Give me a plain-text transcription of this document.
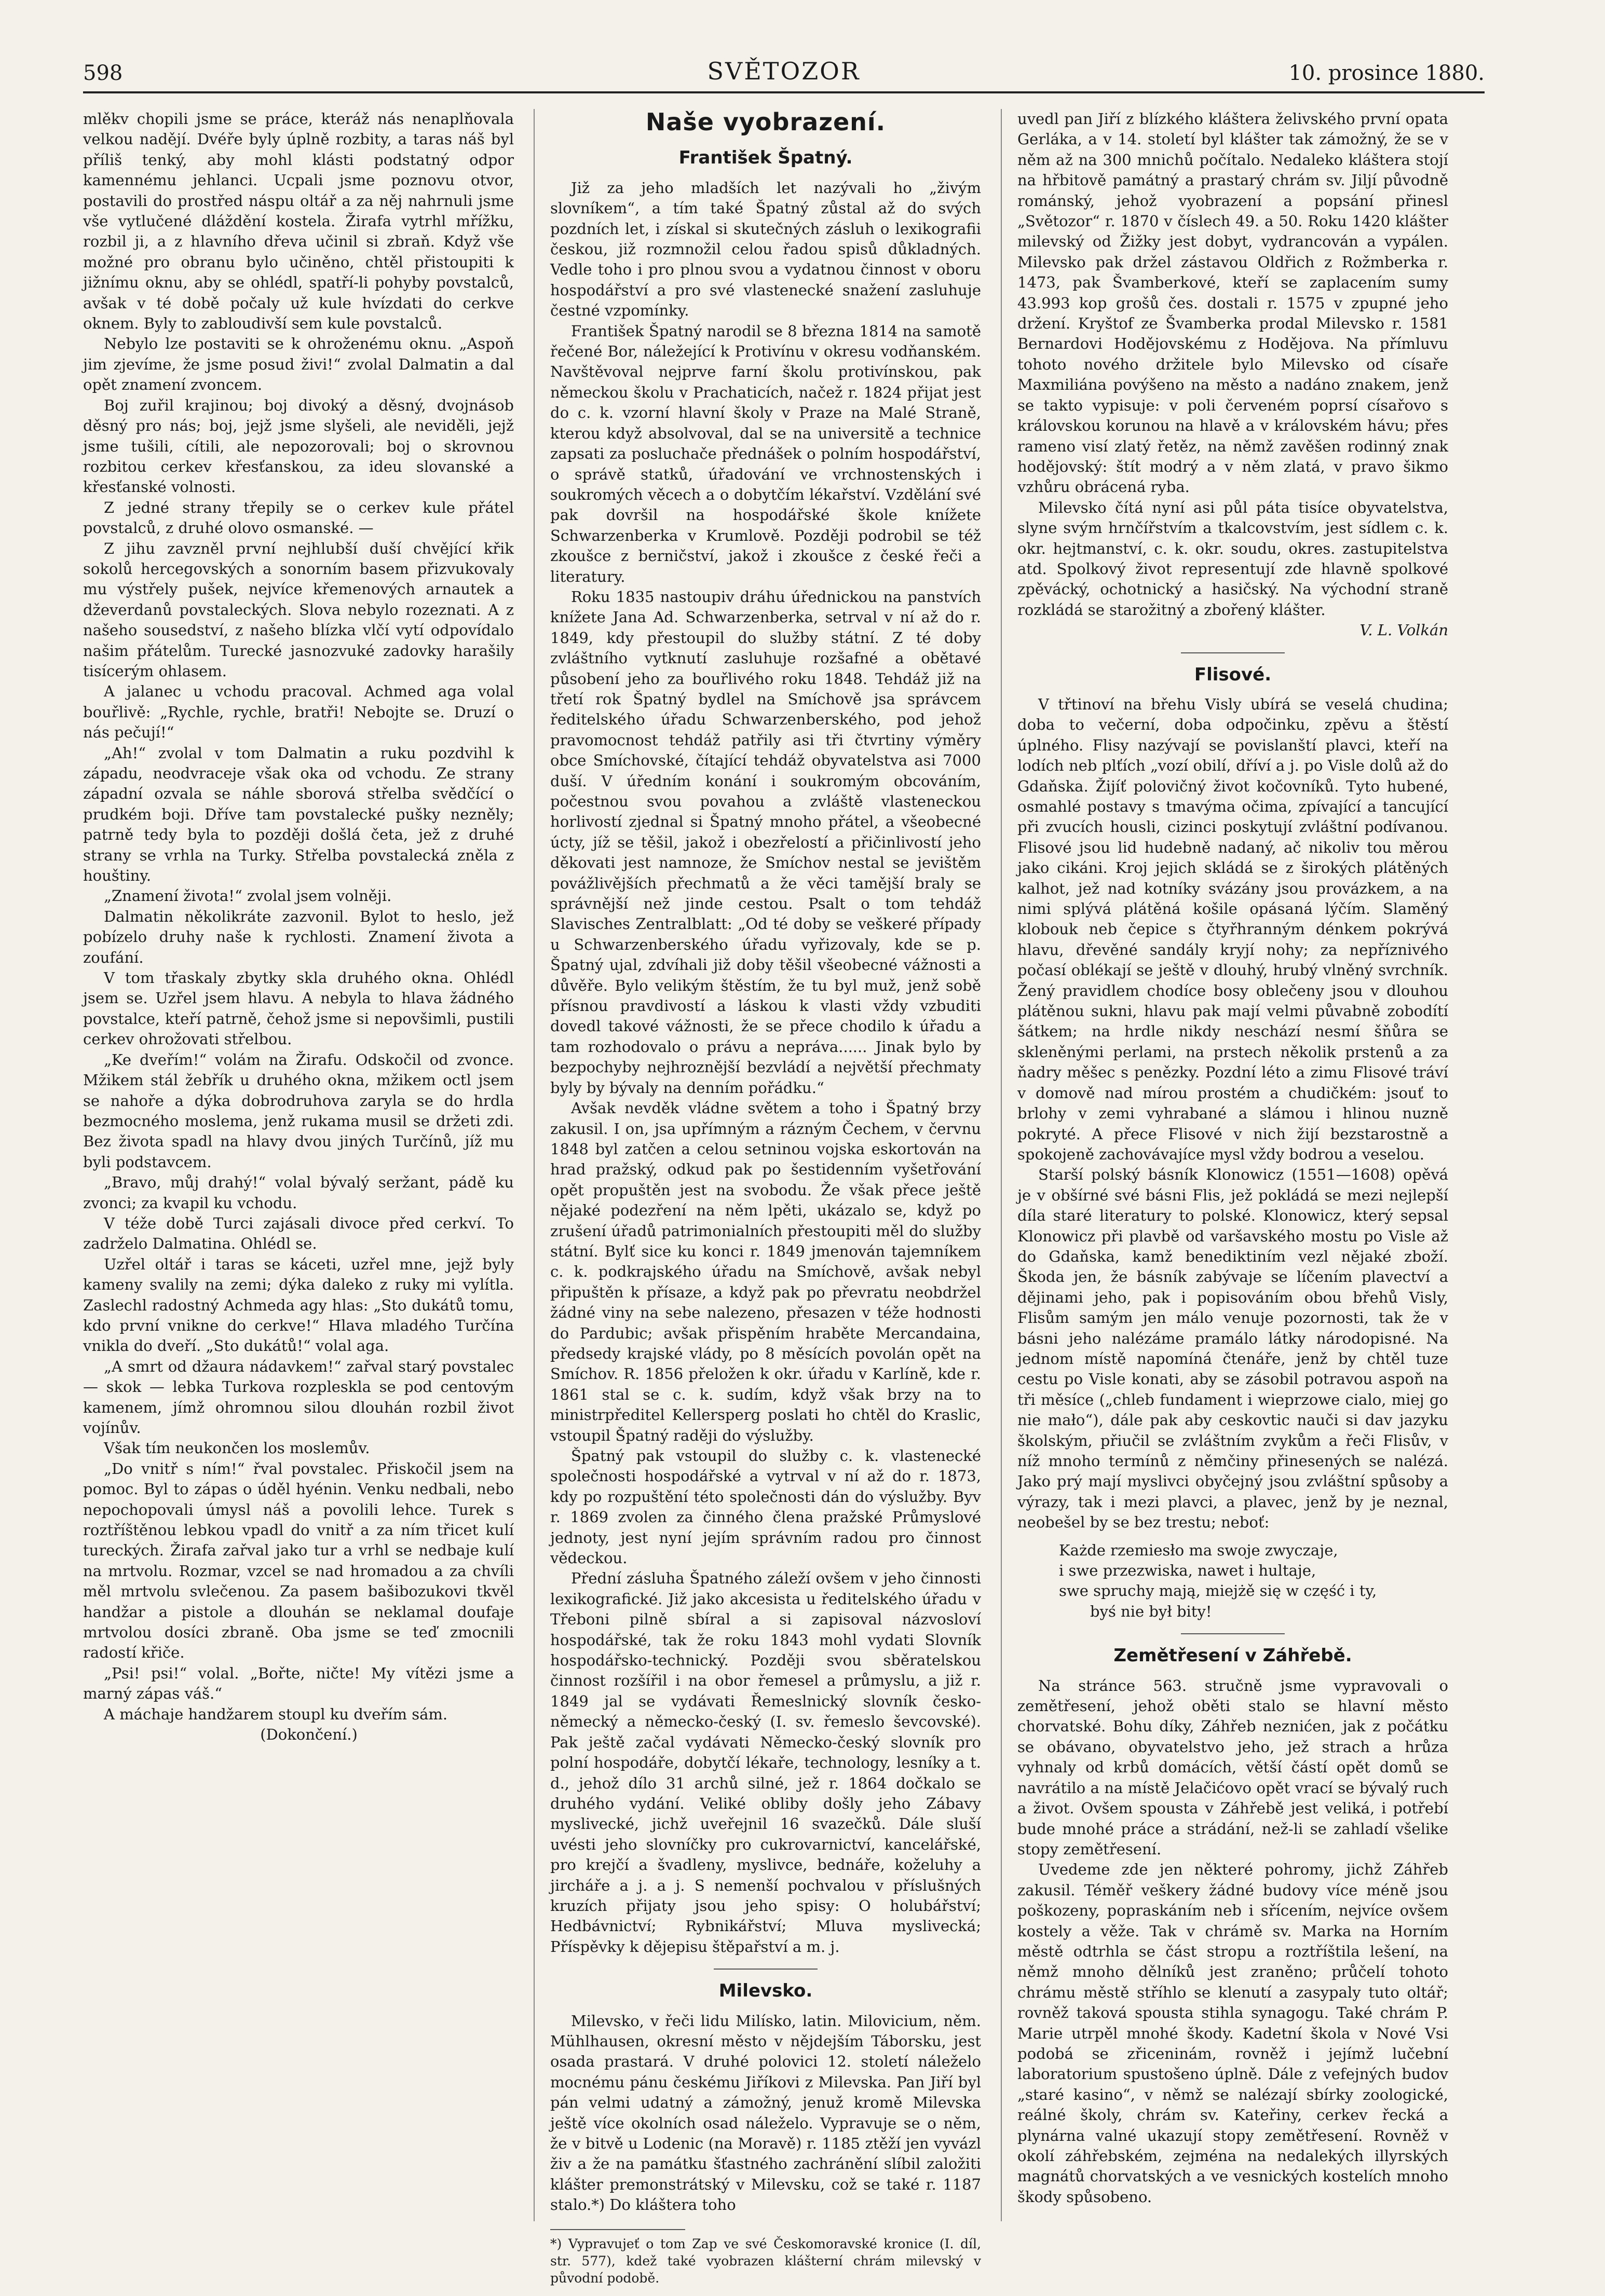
598	SVĚTOZOR	10. prosince 1880.

mlěkv chopili jsme se práce, kteráž nás nenaplňovala velkou nadějí. Dvéře byly úplně rozbity, a taras náš byl příliš tenký, aby mohl klásti podstatný odpor kamennému jehlanci. Ucpali jsme poznovu otvor, postavili do prostřed náspu oltář a za něj nahrnuli jsme vše vytlučené dláždění kostela. Žirafa vytrhl mřížku, rozbil ji, a z hlavního dřeva učinil si zbraň. Když vše možné pro obranu bylo učiněno, chtěl přistoupiti k jižnímu oknu, aby se ohlédl, spatří-li pohyby povstalců, avšak v té době počaly už kule hvízdati do cerkve oknem. Byly to zabloudivší sem kule povstalců.

Nebylo lze postaviti se k ohroženému oknu. „Aspoň jim zjevíme, že jsme posud živi!“ zvolal Dalmatin a dal opět znamení zvoncem.

Boj zuřil krajinou; boj divoký a děsný, dvojnásob děsný pro nás; boj, jejž jsme slyšeli, ale neviděli, jejž jsme tušili, cítili, ale nepozorovali; boj o skrovnou rozbitou cerkev křesťanskou, za ideu slovanské a křesťanské volnosti.

Z jedné strany třepily se o cerkev kule přátel povstalců, z druhé olovo osmanské. —

Z jihu zavzněl první nejhlubší duší chvějící křik sokolů hercegovských a sonorním basem přizvukovaly mu výstřely pušek, nejvíce křemenových arnautek a dževerdanů povstaleckých. Slova nebylo rozeznati. A z našeho sousedství, z našeho blízka vlčí vytí odpovídalo našim přátelům. Turecké jasnozvuké zadovky harašily tisícerým ohlasem.

A jalanec u vchodu pracoval. Achmed aga volal bouřlivě: „Rychle, rychle, bratři! Nebojte se. Druzí o nás pečují!“

„Ah!“ zvolal v tom Dalmatin a ruku pozdvihl k západu, neodvraceje však oka od vchodu. Ze strany západní ozvala se náhle sborová střelba svědčící o prudkém boji. Dříve tam povstalecké pušky nezněly; patrně tedy byla to později došlá četa, jež z druhé strany se vrhla na Turky. Střelba povstalecká zněla z houštiny.

„Znamení života!“ zvolal jsem volněji.

Dalmatin několikráte zazvonil. Bylot to heslo, jež pobízelo druhy naše k rychlosti. Znamení života a zoufání.

V tom třaskaly zbytky skla druhého okna. Ohlédl jsem se. Uzřel jsem hlavu. A nebyla to hlava žádného povstalce, kteří patrně, čehož jsme si nepovšimli, pustili cerkev ohrožovati střelbou.

„Ke dveřím!“ volám na Žirafu. Odskočil od zvonce. Mžikem stál žebřík u druhého okna, mžikem octl jsem se nahoře a dýka dobrodruhova zaryla se do hrdla bezmocného moslema, jenž rukama musil se držeti zdi. Bez života spadl na hlavy dvou jiných Turčínů, jíž mu byli podstavcem.

„Bravo, můj drahý!“ volal bývalý seržant, pádě ku zvonci; za kvapil ku vchodu.

V téže době Turci zajásali divoce před cerkví. To zadrželo Dalmatina. Ohlédl se.

Uzřel oltář i taras se káceti, uzřel mne, jejž byly kameny svalily na zemi; dýka daleko z ruky mi vylítla. Zaslechl radostný Achmeda agy hlas: „Sto dukátů tomu, kdo první vnikne do cerkve!“ Hlava mladého Turčína vnikla do dveří. „Sto dukátů!“ volal aga.

„A smrt od džaura nádavkem!“ zařval starý povstalec — skok — lebka Turkova rozpleskla se pod centovým kamenem, jímž ohromnou silou dlouhán rozbil život vojínův.

Však tím neukončen los moslemův.

„Do vnitř s ním!“ řval povstalec. Přiskočil jsem na pomoc. Byl to zápas o úděl hyénin. Venku nedbali, nebo nepochopovali úmysl náš a povolili lehce. Turek s roztříštěnou lebkou vpadl do vnitř a za ním třicet kulí tureckých. Žirafa zařval jako tur a vrhl se nedbaje kulí na mrtvolu. Rozmar, vzcel se nad hromadou a za chvíli měl mrtvolu svlečenou. Za pasem bašibozukovi tkvěl handžar a pistole a dlouhán se neklamal doufaje mrtvolou dosíci zbraně. Oba jsme se teď zmocnili radostí křiče.

„Psi! psi!“ volal. „Bořte, ničte! My vítězi jsme a marný zápas váš.“

A máchaje handžarem stoupl ku dveřím sám.

(Dokončení.)

Naše vyobrazení.
František Špatný.

Již za jeho mladších let nazývali ho „živým slovníkem“, a tím také Špatný zůstal až do svých pozdních let, i získal si skutečných zásluh o lexikografii českou, již rozmnožil celou řadou spisů důkladných. Vedle toho i pro plnou svou a vydatnou činnost v oboru hospodářství a pro své vlastenecké snažení zasluhuje čestné vzpomínky.

František Špatný narodil se 8 března 1814 na samotě řečené Bor, náležející k Protivínu v okresu vodňanském. Navštěvoval nejprve farní školu protivínskou, pak německou školu v Prachaticích, načež r. 1824 přijat jest do c. k. vzorní hlavní školy v Praze na Malé Straně, kterou když absolvoval, dal se na universitě a technice zapsati za posluchače přednášek o polním hospodářství, o správě statků, úřadování ve vrchnostenských i soukromých věcech a o dobytčím lékařství. Vzdělání své pak dovršil na hospodářské škole knížete Schwarzenberka v Krumlově. Později podrobil se též zkoušce z berničství, jakož i zkoušce z české řeči a literatury.

Roku 1835 nastoupiv dráhu úřednickou na panstvích knížete Jana Ad. Schwarzenberka, setrval v ní až do r. 1849, kdy přestoupil do služby státní. Z té doby zvláštního vytknutí zasluhuje rozšafné a obětavé působení jeho za bouřlivého roku 1848. Tehdáž již na třetí rok Špatný bydlel na Smíchově jsa správcem ředitelského úřadu Schwarzenberského, pod jehož pravomocnost tehdáž patřily asi tři čtvrtiny výměry obce Smíchovské, čítající tehdáž obyvatelstva asi 7000 duší. V úředním konání i soukromým obcováním, počestnou svou povahou a zvláště vlasteneckou horlivostí zjednal si Špatný mnoho přátel, a všeobecné úcty, jíž se těšil, jakož i obezřelostí a přičinlivostí jeho děkovati jest namnoze, že Smíchov nestal se jevištěm povážlivějších přechmatů a že věci tamější braly se správnější než jinde cestou. Psalt o tom tehdáž Slavisches Zentralblatt: „Od té doby se veškeré případy u Schwarzenberského úřadu vyřizovaly, kde se p. Špatný ujal, zdvíhali již doby těšil všeobecné vážnosti a důvěře. Bylo velikým štěstím, že tu byl muž, jenž sobě přísnou pravdivostí a láskou k vlasti vždy vzbuditi dovedl takové vážnosti, že se přece chodilo k úřadu a tam rozhodovalo o právu a nepráva...... Jinak bylo by bezpochyby nejhroznější bezvládí a největší přechmaty byly by bývaly na denním pořádku.“

Avšak nevděk vládne světem a toho i Špatný brzy zakusil. I on, jsa upřímným a rázným Čechem, v červnu 1848 byl zatčen a celou setninou vojska eskortován na hrad pražský, odkud pak po šestidenním vyšetřování opět propuštěn jest na svobodu. Že však přece ještě nějaké podezření na něm lpěti, ukázalo se, když po zrušení úřadů patrimonialních přestoupiti měl do služby státní. Bylť sice ku konci r. 1849 jmenován tajemníkem c. k. podkrajského úřadu na Smíchově, avšak nebyl připuštěn k přísaze, a když pak po převratu neobdržel žádné viny na sebe nalezeno, přesazen v téže hodnosti do Pardubic; avšak přispěním hraběte Mercandaina, předsedy krajské vlády, po 8 měsících povolán opět na Smíchov. R. 1856 přeložen k okr. úřadu v Karlíně, kde r. 1861 stal se c. k. sudím, když však brzy na to ministrpředitel Kellersperg poslati ho chtěl do Kraslic, vstoupil Špatný raději do výslužby.

Špatný pak vstoupil do služby c. k. vlastenecké společnosti hospodářské a vytrval v ní až do r. 1873, kdy po rozpuštění této společnosti dán do výslužby. Byv r. 1869 zvolen za činného člena pražské Průmyslové jednoty, jest nyní jejím správním radou pro činnost vědeckou.

Přední zásluha Špatného záleží ovšem v jeho činnosti lexikografické. Již jako akcesista u ředitelského úřadu v Třeboni pilně sbíral a si zapisoval názvosloví hospodářské, tak že roku 1843 mohl vydati Slovník hospodářsko-technický. Později svou sběratelskou činnost rozšířil i na obor řemesel a průmyslu, a již r. 1849 jal se vydávati Řemeslnický slovník česko-německý a německo-český (I. sv. řemeslo ševcovské). Pak ještě začal vydávati Německo-český slovník pro polní hospodáře, dobytčí lékaře, technology, lesníky a t. d., jehož dílo 31 archů silné, jež r. 1864 dočkalo se druhého vydání. Veliké obliby došly jeho Zábavy myslivecké, jichž uveřejnil 16 svazečků. Dále sluší uvésti jeho slovníčky pro cukrovarnictví, kancelářské, pro krejčí a švadleny, myslivce, bednáře, koželuhy a jircháře a j. a j. S nemenší pochvalou v příslušných kruzích přijaty jsou jeho spisy: O holubářství; Hedbávnictví; Rybnikářství; Mluva myslivecká; Příspěvky k dějepisu štěpařství a m. j.

Milevsko.

Milevsko, v řeči lidu Milísko, latin. Milovicium, něm. Mühlhausen, okresní město v nějdejším Táborsku, jest osada prastará. V druhé polovici 12. století náleželo mocnému pánu českému Jiříkovi z Milevska. Pan Jiří byl pán velmi udatný a zámožný, jenuž kromě Milevska ještě více okolních osad náleželo. Vypravuje se o něm, že v bitvě u Lodenic (na Moravě) r. 1185 ztěží jen vyvázl živ a že na památku šťastného zachránění slíbil založiti klášter premonstrátský v Milevsku, což se také r. 1187 stalo.*) Do kláštera toho

*) Vypravujeť o tom Zap ve své Českomoravské kronice (I. díl, str. 577), kdež také vyobrazen klášterní chrám milevský v původní podobě.

uvedl pan Jiří z blízkého kláštera želivského první opata Gerláka, a v 14. století byl klášter tak zámožný, že se v něm až na 300 mnichů počítalo. Nedaleko kláštera stojí na hřbitově památný a prastarý chrám sv. Jiljí původně románský, jehož vyobrazení a popsání přinesl „Světozor“ r. 1870 v číslech 49. a 50. Roku 1420 klášter milevský od Žižky jest dobyt, vydrancován a vypálen. Milevsko pak držel zástavou Oldřich z Rožmberka r. 1473, pak Švamberkové, kteří se zaplacením sumy 43.993 kop grošů čes. dostali r. 1575 v zpupné jeho držení. Kryštof ze Švamberka prodal Milevsko r. 1581 Bernardovi Hodějovskému z Hodějova. Na přímluvu tohoto nového držitele bylo Milevsko od císaře Maxmiliána povýšeno na město a nadáno znakem, jenž se takto vypisuje: v poli červeném poprsí císařovo s královskou korunou na hlavě a v královském hávu; přes rameno visí zlatý řetěz, na němž zavěšen rodinný znak hodějovský: štít modrý a v něm zlatá, v pravo šikmo vzhůru obrácená ryba.

Milevsko čítá nyní asi půl páta tisíce obyvatelstva, slyne svým hrnčířstvím a tkalcovstvím, jest sídlem c. k. okr. hejtmanství, c. k. okr. soudu, okres. zastupitelstva atd. Spolkový život representují zde hlavně spolkové zpěvácký, ochotnický a hasičský. Na východní straně rozkládá se starožitný a zbořený klášter.

V. L. Volkán

Flisové.

V třtinoví na břehu Visly ubírá se veselá chudina; doba to večerní, doba odpočinku, zpěvu a štěstí úplného. Flisy nazývají se povislanští plavci, kteří na lodích neb plťích „vozí obilí, dříví a j. po Visle dolů až do Gdaňska. Žijíť polovičný život kočovníků. Tyto hubené, osmahlé postavy s tmavýma očima, zpívající a tancující při zvucích housli, cizinci poskytují zvláštní podívanou. Flisové jsou lid hudebně nadaný, ač nikoliv tou měrou jako cikáni. Kroj jejich skládá se z širokých plátěných kalhot, jež nad kotníky svázány jsou provázkem, a na nimi splývá plátěná košile opásaná lýčím. Slaměný klobouk neb čepice s čtyřhranným dénkem pokrývá hlavu, dřevěné sandály kryjí nohy; za nepříznivého počasí oblékají se ještě v dlouhý, hrubý vlněný svrchník. Žený pravidlem chodíce bosy oblečeny jsou v dlouhou plátěnou sukni, hlavu pak mají velmi půvabně zobodítí šátkem; na hrdle nikdy neschází nesmí šňůra se skleněnými perlami, na prstech několik prstenů a za ňadry měšec s penězky. Pozdní léto a zimu Flisové tráví v domově nad mírou prostém a chudičkém: jsouť to brlohy v zemi vyhrabané a slámou i hlinou nuzně pokryté. A přece Flisové v nich žijí bezstarostně a spokojeně zachovávajíce mysl vždy bodrou a veselou.

Starší polský básník Klonowicz (1551—1608) opěvá je v obšírné své básni Flis, jež pokládá se mezi nejlepší díla staré literatury to polské. Klonowicz, který sepsal Klonowicz při plavbě od varšavského mostu po Visle až do Gdaňska, kamž benediktiním vezl nějaké zboží. Škoda jen, že básník zabývaje se líčením plavectví a dějinami jeho, pak i popisováním obou břehů Visly, Flisům samým jen málo venuje pozornosti, tak že v básni jeho nalézáme pramálo látky národopisné. Na jednom místě napomíná čtenáře, jenž by chtěl tuze cestu po Visle konati, aby se zásobil potravou aspoň na tři měsíce („chleb fundament i wieprzowe cialo, miej go nie mało“), dále pak aby ceskovtic nauči si dav jazyku školským, přiučil se zvláštním zvykům a řeči Flisův, v níž mnoho termínů z němčiny přinesených se nalézá. Jako prý mají myslivci obyčejný jsou zvláštní spůsoby a výrazy, tak i mezi plavci, a plavec, jenž by je neznal, neobešel by se bez trestu; neboť:

Każde rzemiesło ma swoje zwyczaje,
i swe przezwiska, nawet i hultaje,
swe spruchy mają, miejżě się w część i ty,
byś nie był bity!
Zemětřesení v Záhřebě.

Na stránce 563. stručně jsme vypravovali o zemětřesení, jehož oběti stalo se hlavní město chorvatské. Bohu díky, Záhřeb neznićen, jak z počátku se obávano, obyvatelstvo jeho, jež strach a hrůza vyhnaly od krbů domácích, větší částí opět domů se navrátilo a na místě Jelačićovo opět vrací se bývalý ruch a život. Ovšem spousta v Záhřebě jest veliká, i potřebí bude mnohé práce a strádání, než-li se zahladí všelike stopy zemětřesení.

Uvedeme zde jen některé pohromy, jichž Záhřeb zakusil. Téměř veškery žádné budovy více méně jsou poškozeny, popraskáním neb i sřícením, nejvíce ovšem kostely a věže. Tak v chrámě sv. Marka na Horním městě odtrhla se část stropu a roztříštila lešení, na němž mnoho dělníků jest zraněno; průčelí tohoto chrámu městě stříhlo se klenutí a zasypaly tuto oltář; rovněž taková spousta stihla synagogu. Také chrám P. Marie utrpěl mnohé škody. Kadetní škola v Nové Vsi podobá se zřiceninám, rovněž i jejímž lučební laboratorium spustošeno úplně. Dále z vefejných budov „staré kasino“, v němž se nalézají sbírky zoologické, reálné školy, chrám sv. Kateřiny, cerkev řecká a plynárna valné ukazují stopy zemětřesení. Rovněž v okolí záhřebském, zejména na nedalekých illyrských magnátů chorvatských a ve vesnických kostelích mnoho škody spůsobeno.
